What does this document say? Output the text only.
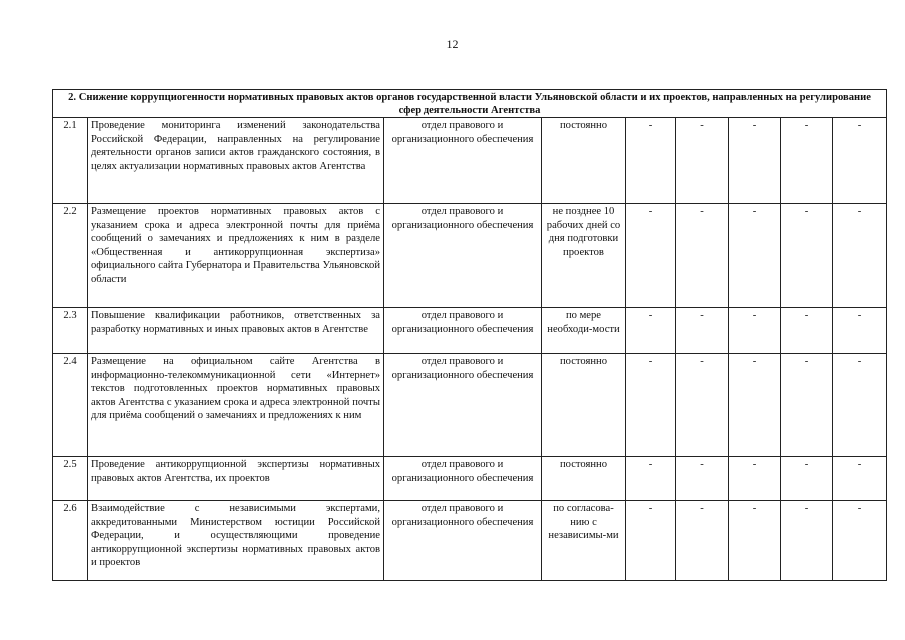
12
2. Снижение коррупциогенности нормативных правовых актов органов государственной власти Ульяновской области и их проектов, направленных на регулирование сфер деятельности Агентства								
2.1	Проведение мониторинга изменений законодательства Российской Федерации, направленных на регулирование деятельности органов записи актов гражданского состояния, в целях актуализации нормативных правовых актов Агентства	отдел правового и организационного обеспечения	постоянно	-	-	-	-	-
2.2	Размещение проектов нормативных правовых актов с указанием срока и адреса электронной почты для приёма сообщений о замечаниях и предложениях к ним в разделе «Общественная и антикоррупционная экспертиза» официального сайта Губернатора и Правительства Ульяновской области	отдел правового и организационного обеспечения	не позднее 10 рабочих дней со дня подготовки проектов	-	-	-	-	-
2.3	Повышение квалификации работников, ответственных за разработку нормативных и иных правовых актов в Агентстве	отдел правового и организационного обеспечения	по мере необходи-мости	-	-	-	-	-
2.4	Размещение на официальном сайте Агентства в информационно-телекоммуникационной сети «Интернет» текстов подготовленных проектов нормативных правовых актов Агентства с указанием срока и адреса электронной почты для приёма сообщений о замечаниях и предложениях к ним	отдел правового и организационного обеспечения	постоянно	-	-	-	-	-
2.5	Проведение антикоррупционной экспертизы нормативных правовых актов Агентства, их проектов	отдел правового и организационного обеспечения	постоянно	-	-	-	-	-
2.6	Взаимодействие с независимыми экспертами, аккредитованными Министерством юстиции Российской Федерации, и осуществляющими проведение антикоррупционной экспертизы нормативных правовых актов и проектов	отдел правового и организационного обеспечения	по согласова-нию с независимы-ми	-	-	-	-	-
